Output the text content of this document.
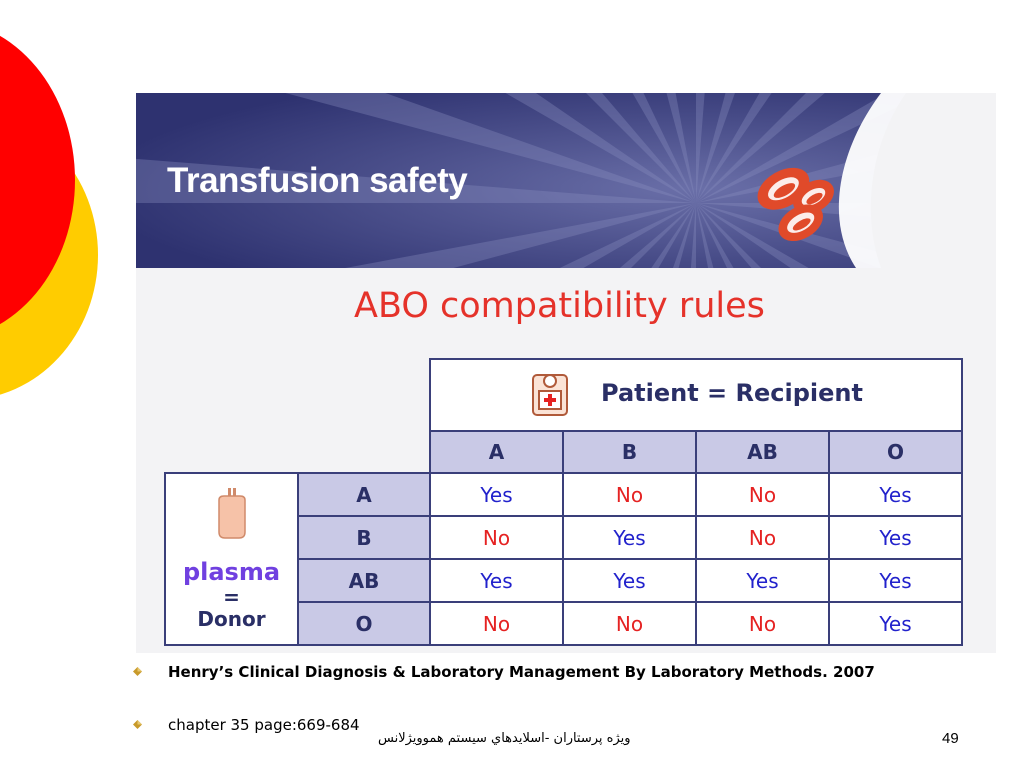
Transfusion safety
ABO compatibility rules

		Patient = Recipient			

		A	B	AB	O

plasma
=
Donor	A	Yes	No	No	Yes
	B	No	Yes	No	Yes
	AB	Yes	Yes	Yes	Yes
	O	No	No	No	Yes
Henry’s Clinical Diagnosis & Laboratory Management By Laboratory Methods. 2007
chapter 35 page:669-684
ويژه پرستاران -اسلايدهاي سيستم هموويژلانس	49
